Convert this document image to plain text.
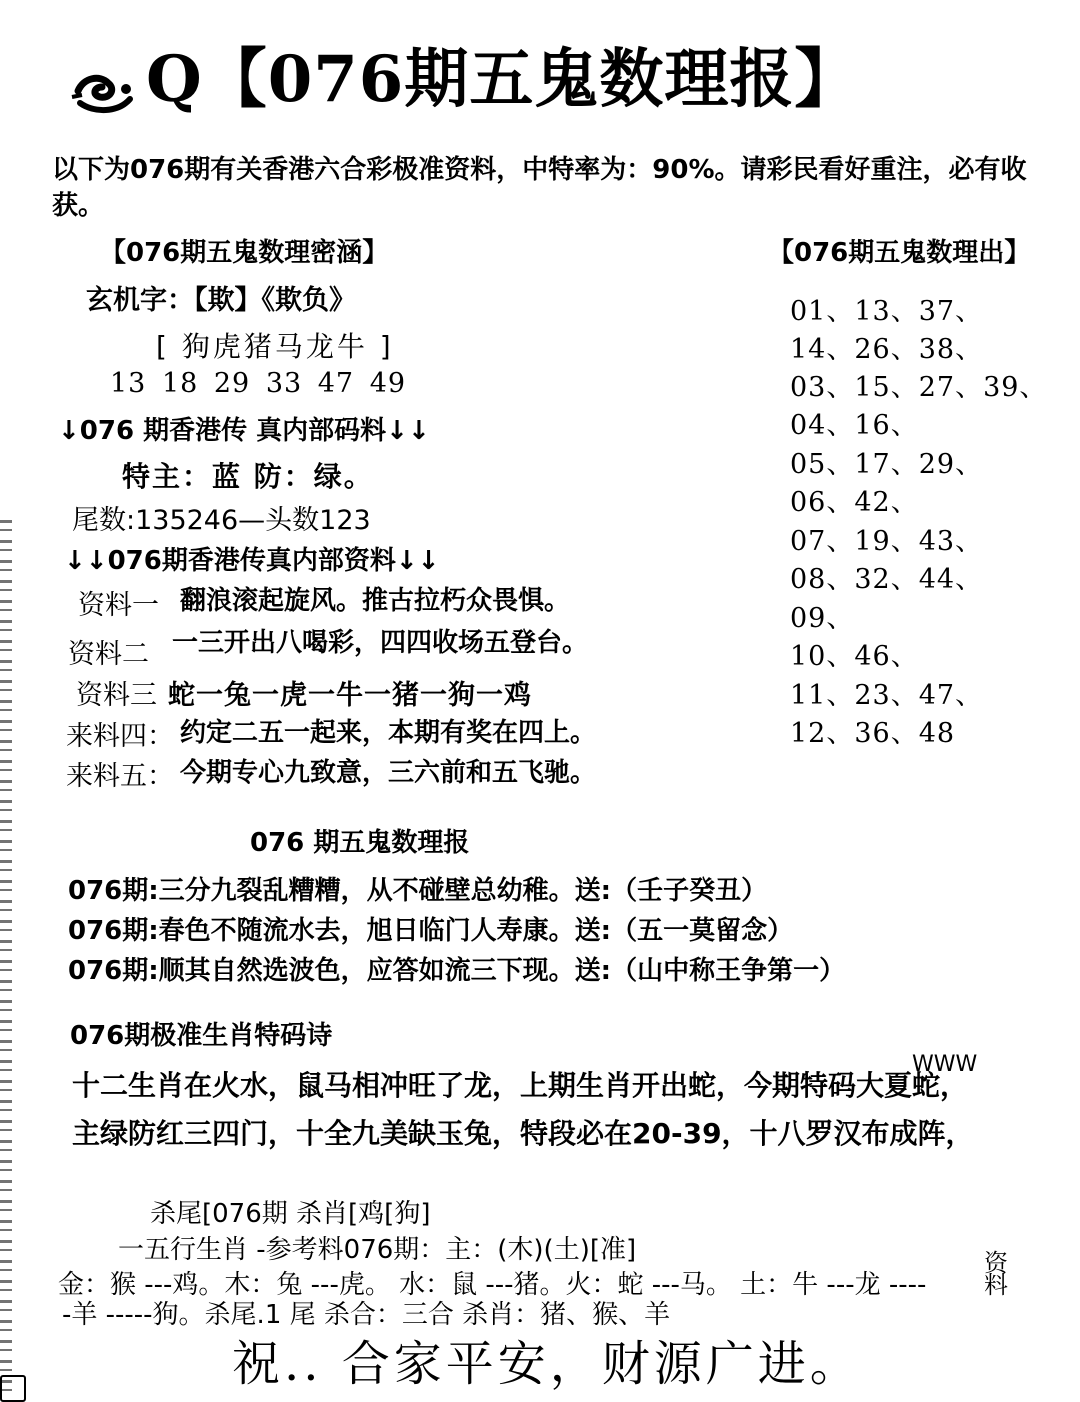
Q【076期五鬼数理报】
以下为076期有关香港六合彩极准资料，中特率为：90%。请彩民看好重注，必有收获。
【076期五鬼数理密涵】
玄机字：【欺】《欺负》
[ 狗虎猪马龙牛 ]
13 18 29 33 47 49
↓076 期香港传 真内部码料↓↓
特主：蓝 防：绿。
尾数:135246—头数123
↓↓076期香港传真内部资料↓↓
资料一 翻浪滚起旋风。推古拉朽众畏惧。
资料二 一三开出八喝彩，四四收场五登台。
资料三 蛇一兔一虎一牛一猪一狗一鸡
来料四： 约定二五一起来，本期有奖在四上。
来料五： 今期专心九致意，三六前和五飞驰。
【076期五鬼数理出】
01、13、37、
14、26、38、
03、15、27、39、
04、16、
05、17、29、
06、42、
07、19、43、
08、32、44、
09、
10、46、
11、23、47、
12、36、48
076 期五鬼数理报
076期:三分九裂乱糟糟，从不碰壁总幼稚。送:（壬子癸丑）
076期:春色不随流水去，旭日临门人寿康。送:（五一莫留念）
076期:顺其自然选波色，应答如流三下现。送:（山中称王争第一）
076期极准生肖特码诗
十二生肖在火水，鼠马相冲旺了龙，上期生肖开出蛇，今期特码大夏蛇，
主绿防红三四门，十全九美缺玉兔，特段必在20-39，十八罗汉布成阵，
WWW
杀尾[076期 杀肖[鸡[狗]
一五行生肖 -参考料076期：主：(木)(土)[准]
金：猴 ---鸡。木：兔 ---虎。 水：鼠 ---猪。火：蛇 ---马。 土：牛 ---龙 ----
-羊 -----狗。杀尾.1 尾 杀合：三合 杀肖：猪、猴、羊
资料
祝.. 合家平安，财源广进。
